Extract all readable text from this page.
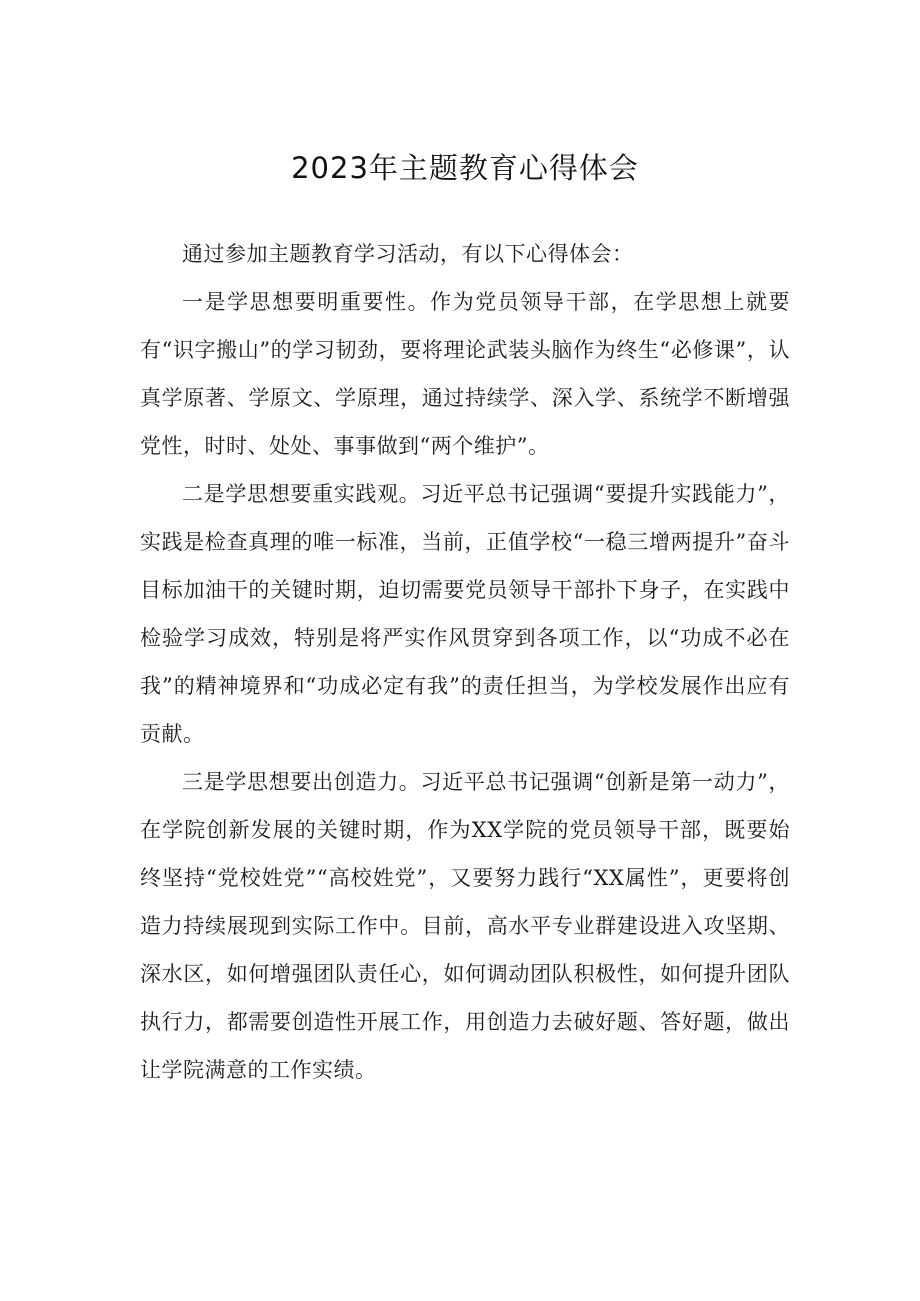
2023年主题教育心得体会

通过参加主题教育学习活动，有以下心得体会：

一是学思想要明重要性。作为党员领导干部，在学思想上就要有“识字搬山”的学习韧劲，要将理论武装头脑作为终生“必修课”，认真学原著、学原文、学原理，通过持续学、深入学、系统学不断增强党性，时时、处处、事事做到“两个维护”。

二是学思想要重实践观。习近平总书记强调“要提升实践能力”，实践是检查真理的唯一标准，当前，正值学校“一稳三增两提升”奋斗目标加油干的关键时期，迫切需要党员领导干部扑下身子，在实践中检验学习成效，特别是将严实作风贯穿到各项工作，以“功成不必在我”的精神境界和“功成必定有我”的责任担当，为学校发展作出应有贡献。

三是学思想要出创造力。习近平总书记强调“创新是第一动力”，在学院创新发展的关键时期，作为XX学院的党员领导干部，既要始终坚持“党校姓党”“高校姓党”，又要努力践行“XX属性”，更要将创造力持续展现到实际工作中。目前，高水平专业群建设进入攻坚期、深水区，如何增强团队责任心，如何调动团队积极性，如何提升团队执行力，都需要创造性开展工作，用创造力去破好题、答好题，做出让学院满意的工作实绩。
